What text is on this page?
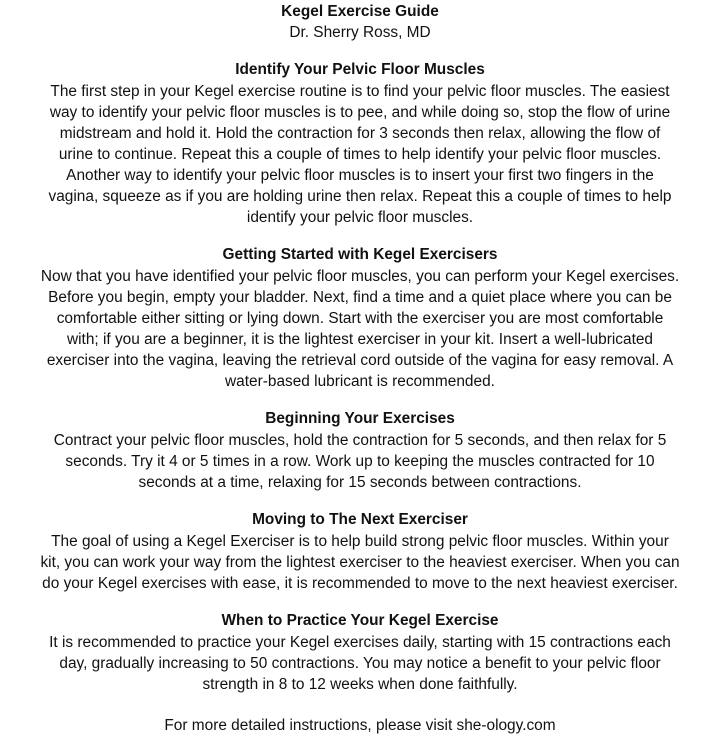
Kegel Exercise Guide
Dr. Sherry Ross, MD
Identify Your Pelvic Floor Muscles
The first step in your Kegel exercise routine is to find your pelvic floor muscles. The easiest
way to identify your pelvic floor muscles is to pee, and while doing so, stop the flow of urine
midstream and hold it. Hold the contraction for 3 seconds then relax, allowing the flow of
urine to continue. Repeat this a couple of times to help identify your pelvic floor muscles.
Another way to identify your pelvic floor muscles is to insert your first two fingers in the
vagina, squeeze as if you are holding urine then relax. Repeat this a couple of times to help
identify your pelvic floor muscles.
Getting Started with Kegel Exercisers
Now that you have identified your pelvic floor muscles, you can perform your Kegel exercises.
Before you begin, empty your bladder. Next, find a time and a quiet place where you can be
comfortable either sitting or lying down. Start with the exerciser you are most comfortable
with; if you are a beginner, it is the lightest exerciser in your kit. Insert a well-lubricated
exerciser into the vagina, leaving the retrieval cord outside of the vagina for easy removal. A
water-based lubricant is recommended.
Beginning Your Exercises
Contract your pelvic floor muscles, hold the contraction for 5 seconds, and then relax for 5
seconds. Try it 4 or 5 times in a row. Work up to keeping the muscles contracted for 10
seconds at a time, relaxing for 15 seconds between contractions.
Moving to The Next Exerciser
The goal of using a Kegel Exerciser is to help build strong pelvic floor muscles. Within your
kit, you can work your way from the lightest exerciser to the heaviest exerciser. When you can
do your Kegel exercises with ease, it is recommended to move to the next heaviest exerciser.
When to Practice Your Kegel Exercise
It is recommended to practice your Kegel exercises daily, starting with 15 contractions each
day, gradually increasing to 50 contractions. You may notice a benefit to your pelvic floor
strength in 8 to 12 weeks when done faithfully.
For more detailed instructions, please visit she-ology.com
